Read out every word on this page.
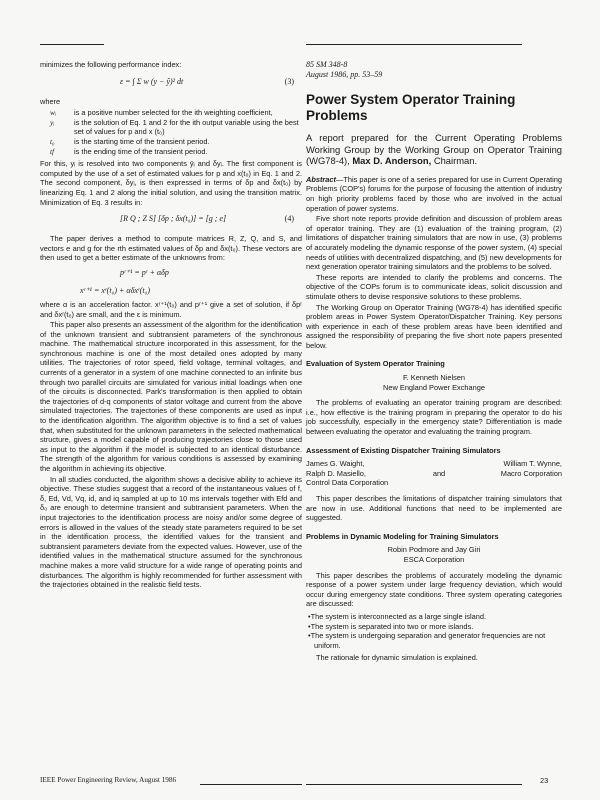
minimizes the following performance index:

ε = ∫ Σ w (y − ŷ)² dt	(3)

where

wᵢ	is a positive number selected for the ith weighting coefficient,
yᵢ	is the solution of Eq. 1 and 2 for the ith output variable using the best set of values for p and x (t₀)
t₀	is the starting time of the transient period.
tf	is the ending time of the transient period.

For this, yᵢ is resolved into two components ȳᵢ and δyᵢ. The first component is computed by the use of a set of estimated values for p and x(t₀) in Eq. 1 and 2. The second component, δyᵢ, is then expressed in terms of δp and δx(t₀) by linearizing Eq. 1 and 2 along the initial solution, and using the transition matrix. Minimization of Eq. 3 results in:

[R Q ; Z S] [δp ; δx(t₀)] = [g ; e]	(4)

The paper derives a method to compute matrices R, Z, Q, and S, and vectors e and g for the rth estimated values of δp and δx(t₀). These vectors are then used to get a better estimate of the unknowns from:

pʳ⁺¹ = pʳ + αδp
xʳ⁺¹ = xʳ(t₀) + αδxʳ(t₀)

where α is an acceleration factor. xʳ⁺¹(t₀) and pʳ⁺¹ give a set of solution, if δpʳ and δxʳ(t₀) are small, and the ε is minimum.

This paper also presents an assessment of the algorithm for the identification of the unknown transient and subtransient parameters of the synchronous machine. The mathematical structure incorporated in this assessment, for the synchronous machine is one of the most detailed ones adopted by many utilities. The trajectories of rotor speed, field voltage, terminal voltages, and currents of a generator in a system of one machine connected to an infinite bus through two parallel circuits are simulated for various initial loadings when one of the circuits is disconnected. Park's transformation is then applied to obtain the trajectories of d-q components of stator voltage and current from the above simulated trajectories. The trajectories of these components are used as input to the identification algorithm. The algorithm objective is to find a set of values that, when substituted for the unknown parameters in the selected mathematical structure, gives a model capable of producing trajectories close to those used as input to the algorithm if the model is subjected to an identical disturbance. The strength of the algorithm for various conditions is assessed by examining the algorithm in achieving its objective.

In all studies conducted, the algorithm shows a decisive ability to achieve its objective. These studies suggest that a record of the instantaneous values of f, δ, Ed, Vd, Vq, id, and iq sampled at up to 10 ms intervals together with Efd and δ₀ are enough to determine transient and subtransient parameters. When the input trajectories to the identification process are noisy and/or some degree of errors is allowed in the values of the steady state parameters required to be set in the identification process, the identified values for the transient and subtransient parameters deviate from the expected values. However, use of the identified values in the mathematical structure assumed for the synchronous machine makes a more valid structure for a wide range of operating points and disturbances. The algorithm is highly recommended for further assessment with the trajectories obtained in the realistic field tests.

85 SM 348-8
August 1986, pp. 53–59
Power System Operator Training Problems

A report prepared for the Current Operating Problems Working Group by the Working Group on Operator Training (WG78-4), Max D. Anderson, Chairman.

Abstract—This paper is one of a series prepared for use in Current Operating Problems (COP's) forums for the purpose of focusing the attention of industry on high priority problems faced by those who are involved in the actual operation of power systems.

Five short note reports provide definition and discussion of problem areas of operator training. They are (1) evaluation of the training program, (2) limitations of dispatcher training simulators that are now in use, (3) problems of accurately modeling the dynamic response of the power system, (4) special needs of utilities with decentralized dispatching, and (5) new developments for next generation operator training simulators and the problems to be solved.

These reports are intended to clarify the problems and concerns. The objective of the COPs forum is to communicate ideas, solicit discussion and stimulate others to devise responsive solutions to these problems.

The Working Group on Operator Training (WG78-4) has identified specific problem areas in Power System Operator/Dispatcher Training. Key persons with experience in each of these problem areas have been identified and assigned the responsibility of preparing the five short note papers presented below.

Evaluation of System Operator Training
F. Kenneth Nielsen
New England Power Exchange

The problems of evaluating an operator training program are described: i.e., how effective is the training program in preparing the operator to do his job successfully, especially in the emergency state? Differentiation is made between evaluating the operator and evaluating the training program.

Assessment of Existing Dispatcher Training Simulators
James G. Waight,
Ralph D. Masiello,
Control Data Corporation
and
William T. Wynne,
Macro Corporation

This paper describes the limitations of dispatcher training simulators that are now in use. Additional functions that need to be implemented are suggested.

Problems in Dynamic Modeling for Training Simulators
Robin Podmore and Jay Giri
ESCA Corporation

This paper describes the problems of accurately modeling the dynamic response of a power system under large frequency deviation, which would occur during emergency state conditions. Three system operating categories are discussed:

• The system is interconnected as a large single island.
• The system is separated into two or more islands.
• The system is undergoing separation and generator frequencies are not uniform.

The rationale for dynamic simulation is explained.

IEEE Power Engineering Review, August 1986	23
